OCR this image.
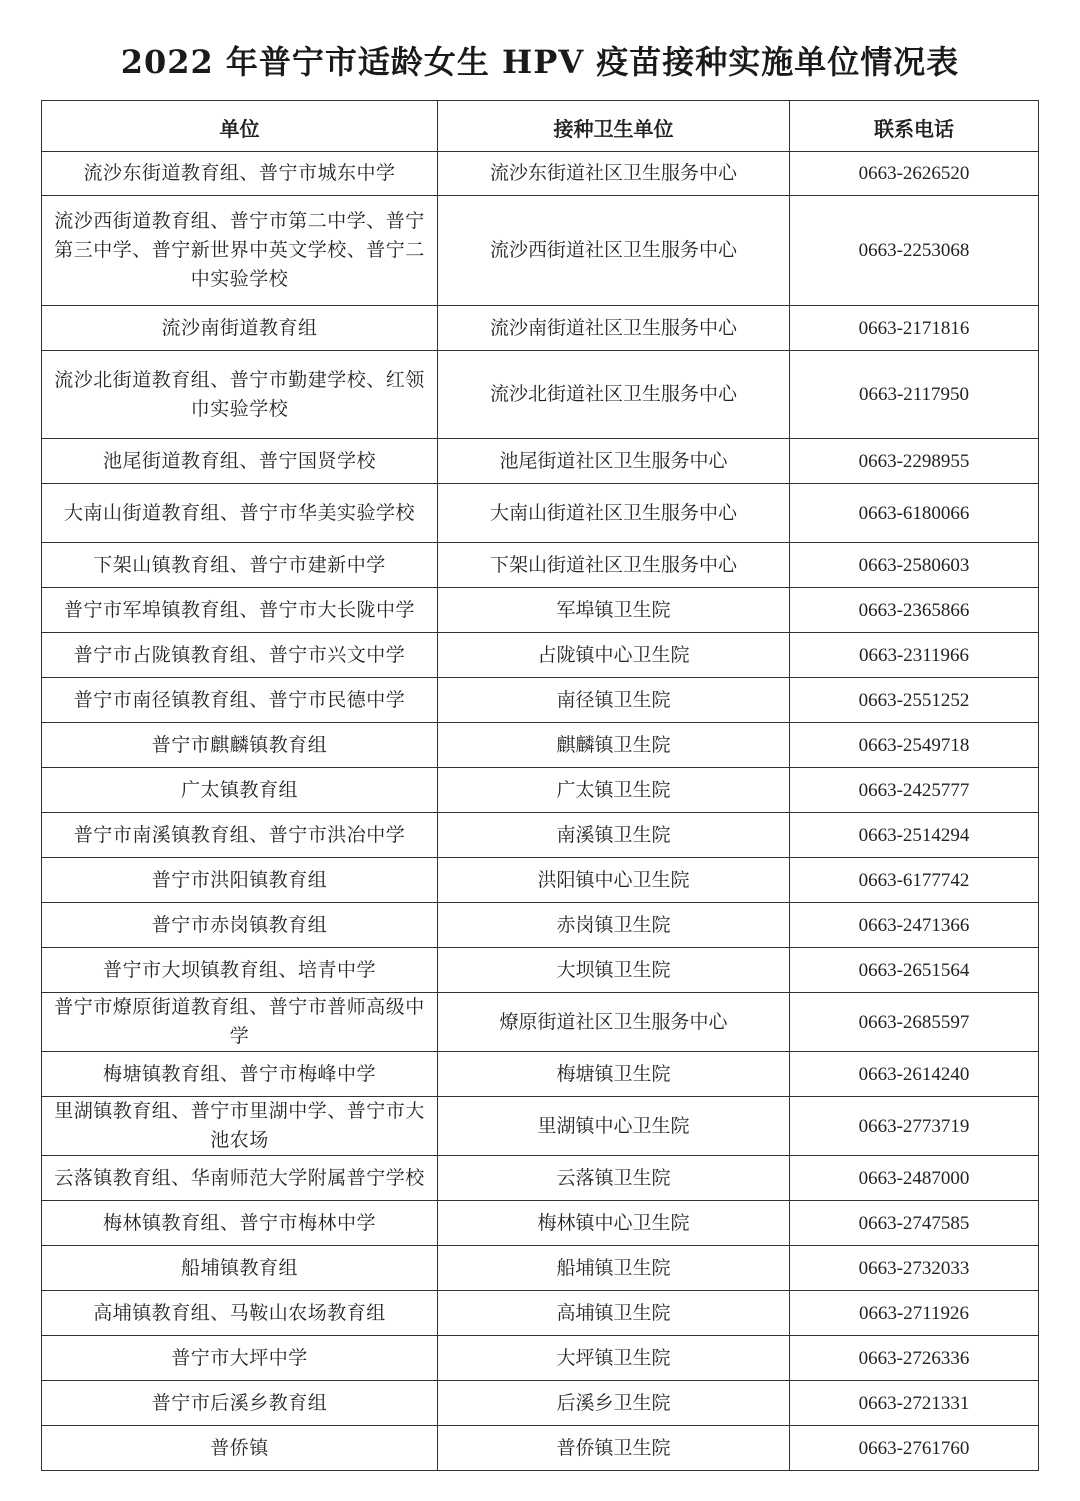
2022 年普宁市适龄女生 HPV 疫苗接种实施单位情况表
单位	接种卫生单位	联系电话
流沙东街道教育组、普宁市城东中学	流沙东街道社区卫生服务中心	0663-2626520
流沙西街道教育组、普宁市第二中学、普宁第三中学、普宁新世界中英文学校、普宁二中实验学校	流沙西街道社区卫生服务中心	0663-2253068
流沙南街道教育组	流沙南街道社区卫生服务中心	0663-2171816
流沙北街道教育组、普宁市勤建学校、红领巾实验学校	流沙北街道社区卫生服务中心	0663-2117950
池尾街道教育组、普宁国贤学校	池尾街道社区卫生服务中心	0663-2298955
大南山街道教育组、普宁市华美实验学校	大南山街道社区卫生服务中心	0663-6180066
下架山镇教育组、普宁市建新中学	下架山街道社区卫生服务中心	0663-2580603
普宁市军埠镇教育组、普宁市大长陇中学	军埠镇卫生院	0663-2365866
普宁市占陇镇教育组、普宁市兴文中学	占陇镇中心卫生院	0663-2311966
普宁市南径镇教育组、普宁市民德中学	南径镇卫生院	0663-2551252
普宁市麒麟镇教育组	麒麟镇卫生院	0663-2549718
广太镇教育组	广太镇卫生院	0663-2425777
普宁市南溪镇教育组、普宁市洪冶中学	南溪镇卫生院	0663-2514294
普宁市洪阳镇教育组	洪阳镇中心卫生院	0663-6177742
普宁市赤岗镇教育组	赤岗镇卫生院	0663-2471366
普宁市大坝镇教育组、培青中学	大坝镇卫生院	0663-2651564
普宁市燎原街道教育组、普宁市普师高级中学	燎原街道社区卫生服务中心	0663-2685597
梅塘镇教育组、普宁市梅峰中学	梅塘镇卫生院	0663-2614240
里湖镇教育组、普宁市里湖中学、普宁市大池农场	里湖镇中心卫生院	0663-2773719
云落镇教育组、华南师范大学附属普宁学校	云落镇卫生院	0663-2487000
梅林镇教育组、普宁市梅林中学	梅林镇中心卫生院	0663-2747585
船埔镇教育组	船埔镇卫生院	0663-2732033
高埔镇教育组、马鞍山农场教育组	高埔镇卫生院	0663-2711926
普宁市大坪中学	大坪镇卫生院	0663-2726336
普宁市后溪乡教育组	后溪乡卫生院	0663-2721331
普侨镇	普侨镇卫生院	0663-2761760
